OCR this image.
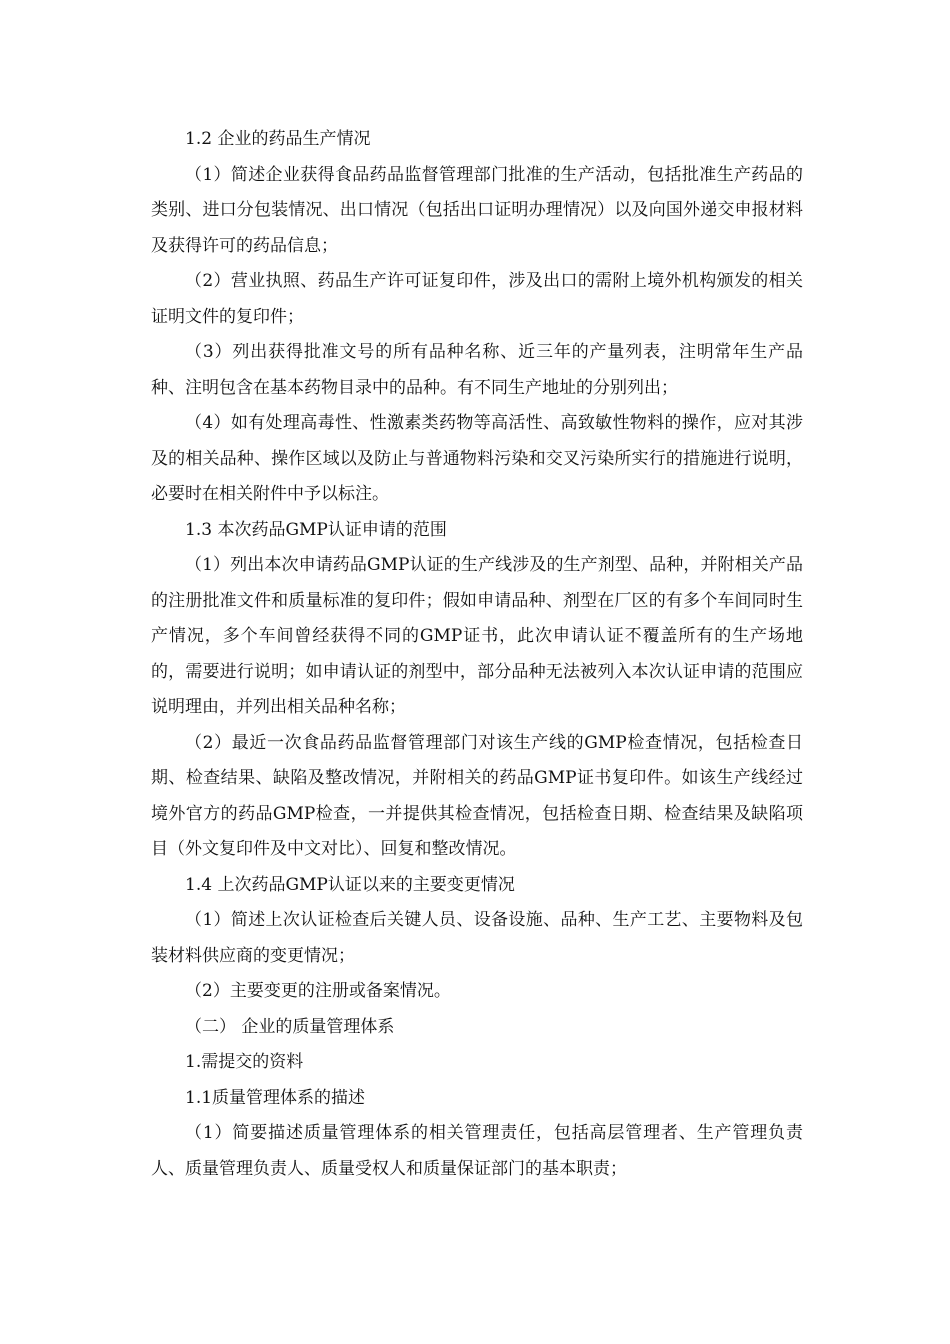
1.2 企业的药品生产情况

（1）简述企业获得食品药品监督管理部门批准的生产活动，包括批准生产药品的类别、进口分包装情况、出口情况（包括出口证明办理情况）以及向国外递交申报材料及获得许可的药品信息；

（2）营业执照、药品生产许可证复印件，涉及出口的需附上境外机构颁发的相关证明文件的复印件；

（3）列出获得批准文号的所有品种名称、近三年的产量列表，注明常年生产品种、注明包含在基本药物目录中的品种。有不同生产地址的分别列出；

（4）如有处理高毒性、性激素类药物等高活性、高致敏性物料的操作，应对其涉及的相关品种、操作区域以及防止与普通物料污染和交叉污染所实行的措施进行说明，必要时在相关附件中予以标注。

1.3 本次药品GMP认证申请的范围

（1）列出本次申请药品GMP认证的生产线涉及的生产剂型、品种，并附相关产品的注册批准文件和质量标准的复印件；假如申请品种、剂型在厂区的有多个车间同时生产情况，多个车间曾经获得不同的GMP证书，此次申请认证不覆盖所有的生产场地的，需要进行说明；如申请认证的剂型中，部分品种无法被列入本次认证申请的范围应说明理由，并列出相关品种名称；

（2）最近一次食品药品监督管理部门对该生产线的GMP检查情况，包括检查日期、检查结果、缺陷及整改情况，并附相关的药品GMP证书复印件。如该生产线经过境外官方的药品GMP检查，一并提供其检查情况，包括检查日期、检查结果及缺陷项目（外文复印件及中文对比）、回复和整改情况。

1.4 上次药品GMP认证以来的主要变更情况

（1）简述上次认证检查后关键人员、设备设施、品种、生产工艺、主要物料及包装材料供应商的变更情况；

（2）主要变更的注册或备案情况。

（二） 企业的质量管理体系

1.需提交的资料

1.1质量管理体系的描述

（1）简要描述质量管理体系的相关管理责任，包括高层管理者、生产管理负责人、质量管理负责人、质量受权人和质量保证部门的基本职责；
